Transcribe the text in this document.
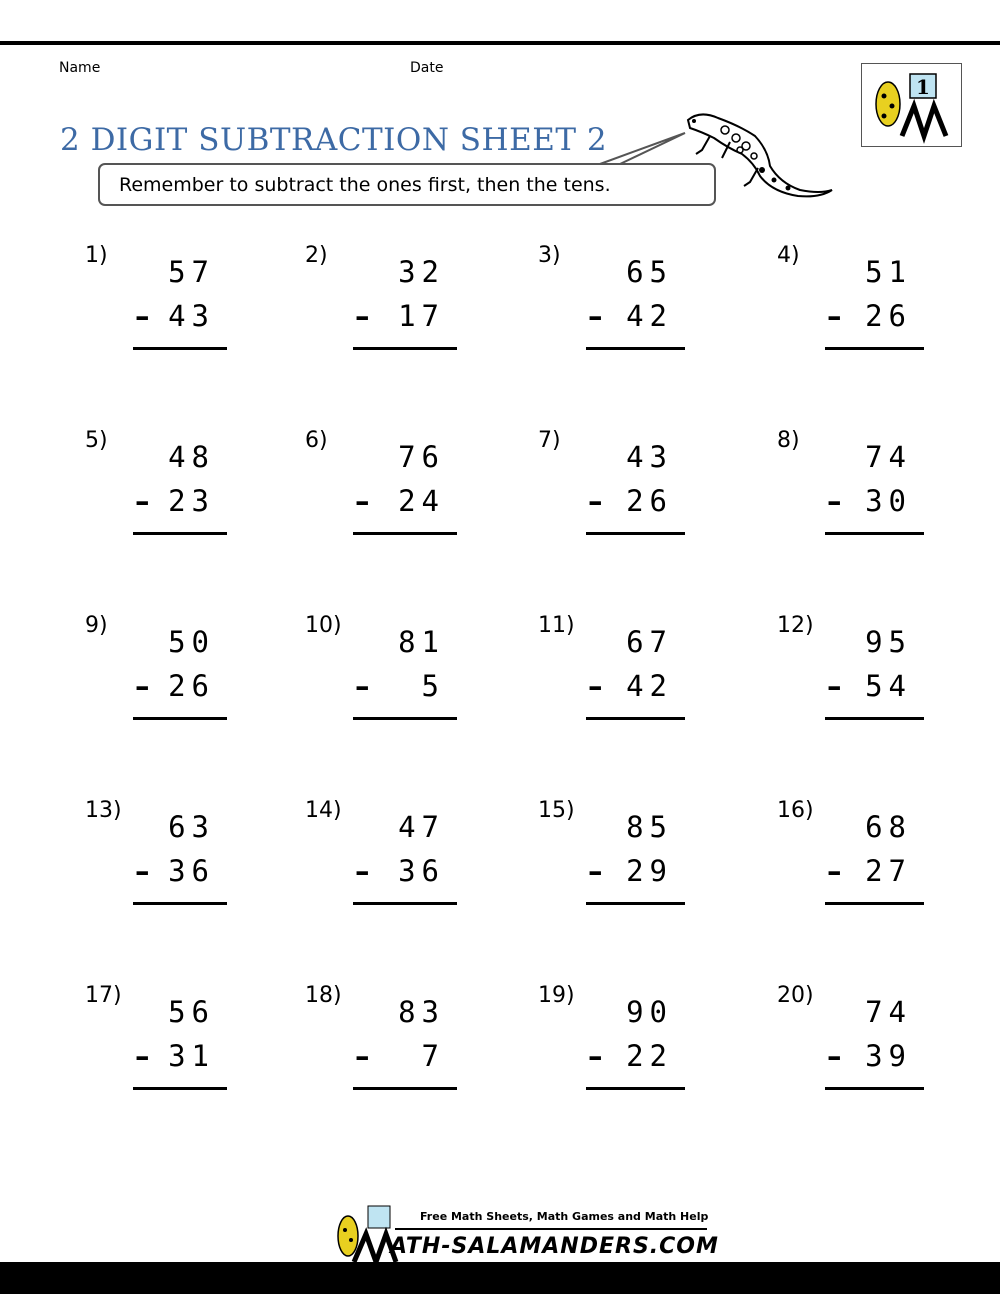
Name	Date
2 DIGIT SUBTRACTION SHEET 2
Remember to subtract the ones first, then the tens.
1
1) 57
– 43
2) 32
– 17
3) 65
– 42
4) 51
– 26
5) 48
– 23
6) 76
– 24
7) 43
– 26
8) 74
– 30
9) 50
– 26
10) 81
– 5
11) 67
– 42
12) 95
– 54
13) 63
– 36
14) 47
– 36
15) 85
– 29
16) 68
– 27
17) 56
– 31
18) 83
– 7
19) 90
– 22
20) 74
– 39
Free Math Sheets, Math Games and Math Help
ATH-SALAMANDERS.COM
